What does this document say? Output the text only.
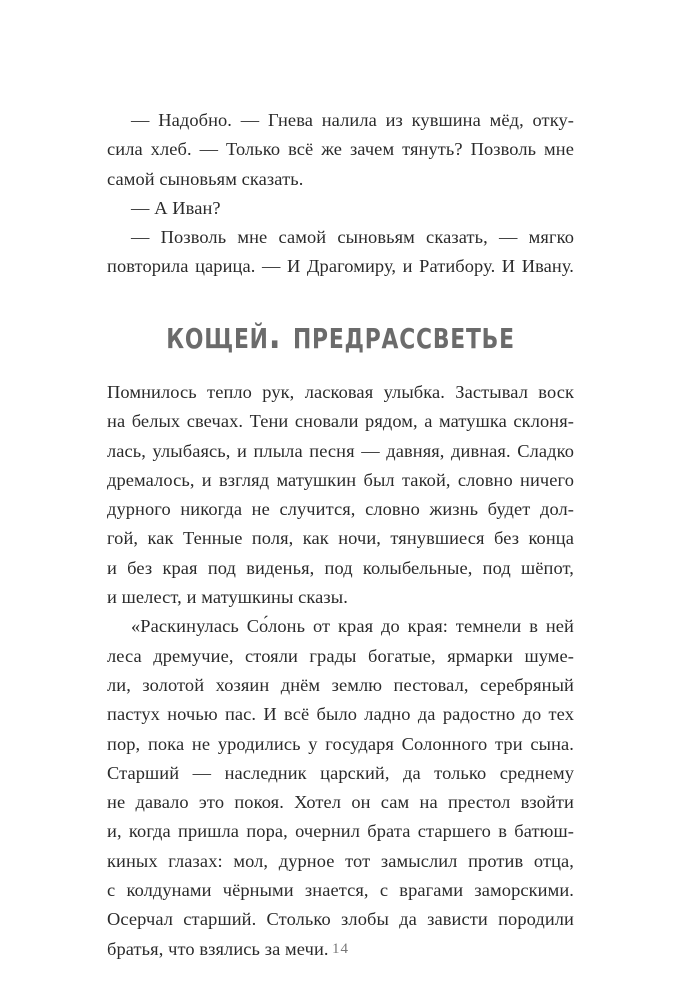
— Надобно. — Гнева налила из кувшина мёд, отку-
сила хлеб. — Только всё же зачем тянуть? Позволь мне
самой сыновьям сказать.
— А Иван?
— Позволь мне самой сыновьям сказать, — мягко
повторила царица. — И Драгомиру, и Ратибору. И Ивану.
кощей. предрассветье
Помнилось тепло рук, ласковая улыбка. Застывал воск
на белых свечах. Тени сновали рядом, а матушка склоня-
лась, улыбаясь, и плыла песня — давняя, дивная. Сладко
дремалось, и взгляд матушкин был такой, словно ничего
дурного никогда не случится, словно жизнь будет дол-
гой, как Тенные поля, как ночи, тянувшиеся без конца
и без края под виденья, под колыбельные, под шёпот,
и шелест, и матушкины сказы.
«Раскинулась Со́лонь от края до края: темнели в ней
леса дремучие, стояли грады богатые, ярмарки шуме-
ли, золотой хозяин днём землю пестовал, серебряный
пастух ночью пас. И всё было ладно да радостно до тех
пор, пока не уродились у государя Солонного три сына.
Старший — наследник царский, да только среднему
не давало это покоя. Хотел он сам на престол взойти
и, когда пришла пора, очернил брата старшего в батюш-
киных глазах: мол, дурное тот замыслил против отца,
с колдунами чёрными знается, с врагами заморскими.
Осерчал старший. Столько злобы да зависти породили
братья, что взялись за мечи. 14
